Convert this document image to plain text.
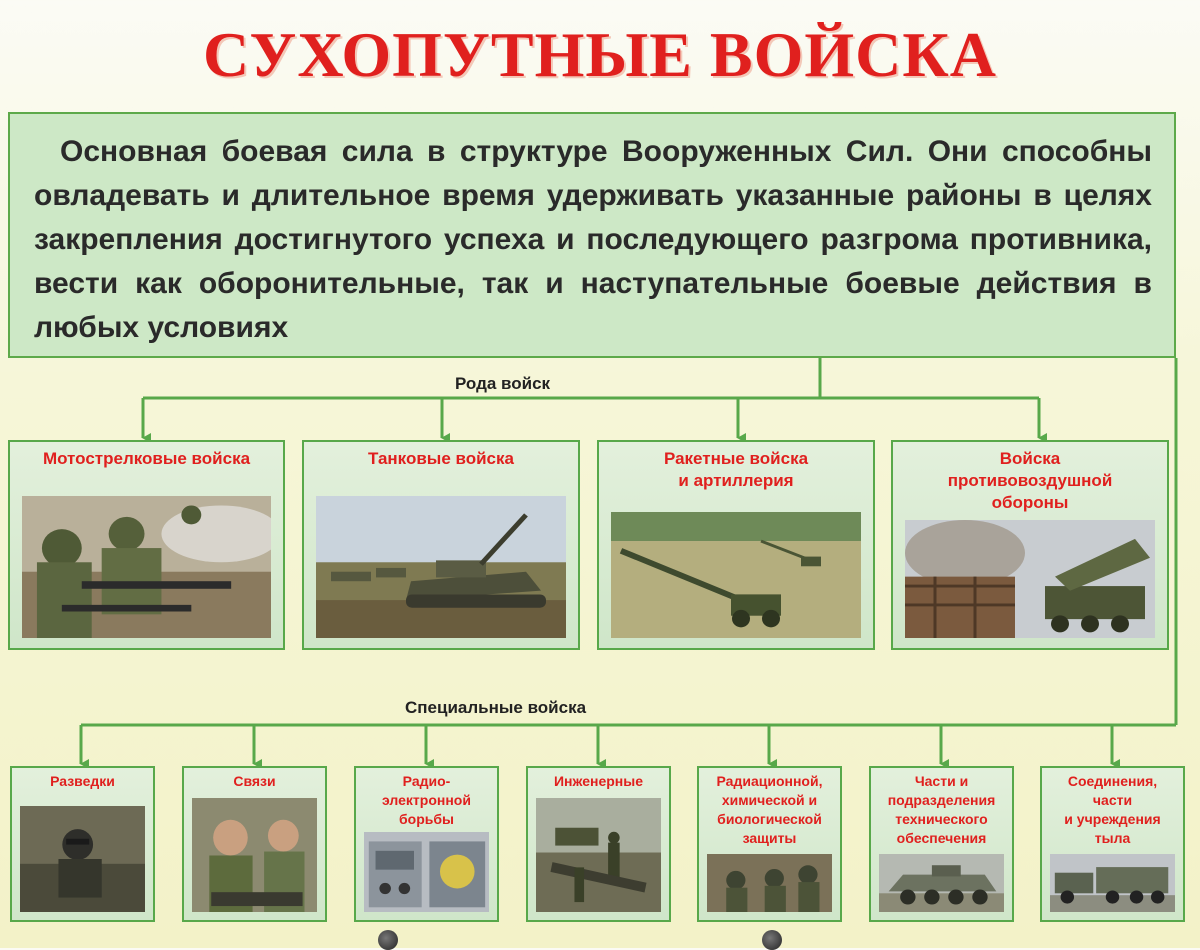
СУХОПУТНЫЕ ВОЙСКА
Основная боевая сила в структуре Вооруженных Сил. Они способны овладевать и длительное время удерживать указанные районы в целях закрепления достигнутого успеха и последующего разгрома противника, вести как оборонительные, так и наступательные боевые действия в любых условиях
Рода войск
Специальные войска
Мотострелковые войска	Танковые войска	Ракетные войска
и артиллерия
Войска
противовоздушной
обороны
Разведки	Связи	Радио-
электронной
борьбы
Инженерные	Радиационной,
химической и
биологической
защиты
Части и
подразделения
технического
обеспечения
Соединения,
части
и учреждения
тыла
